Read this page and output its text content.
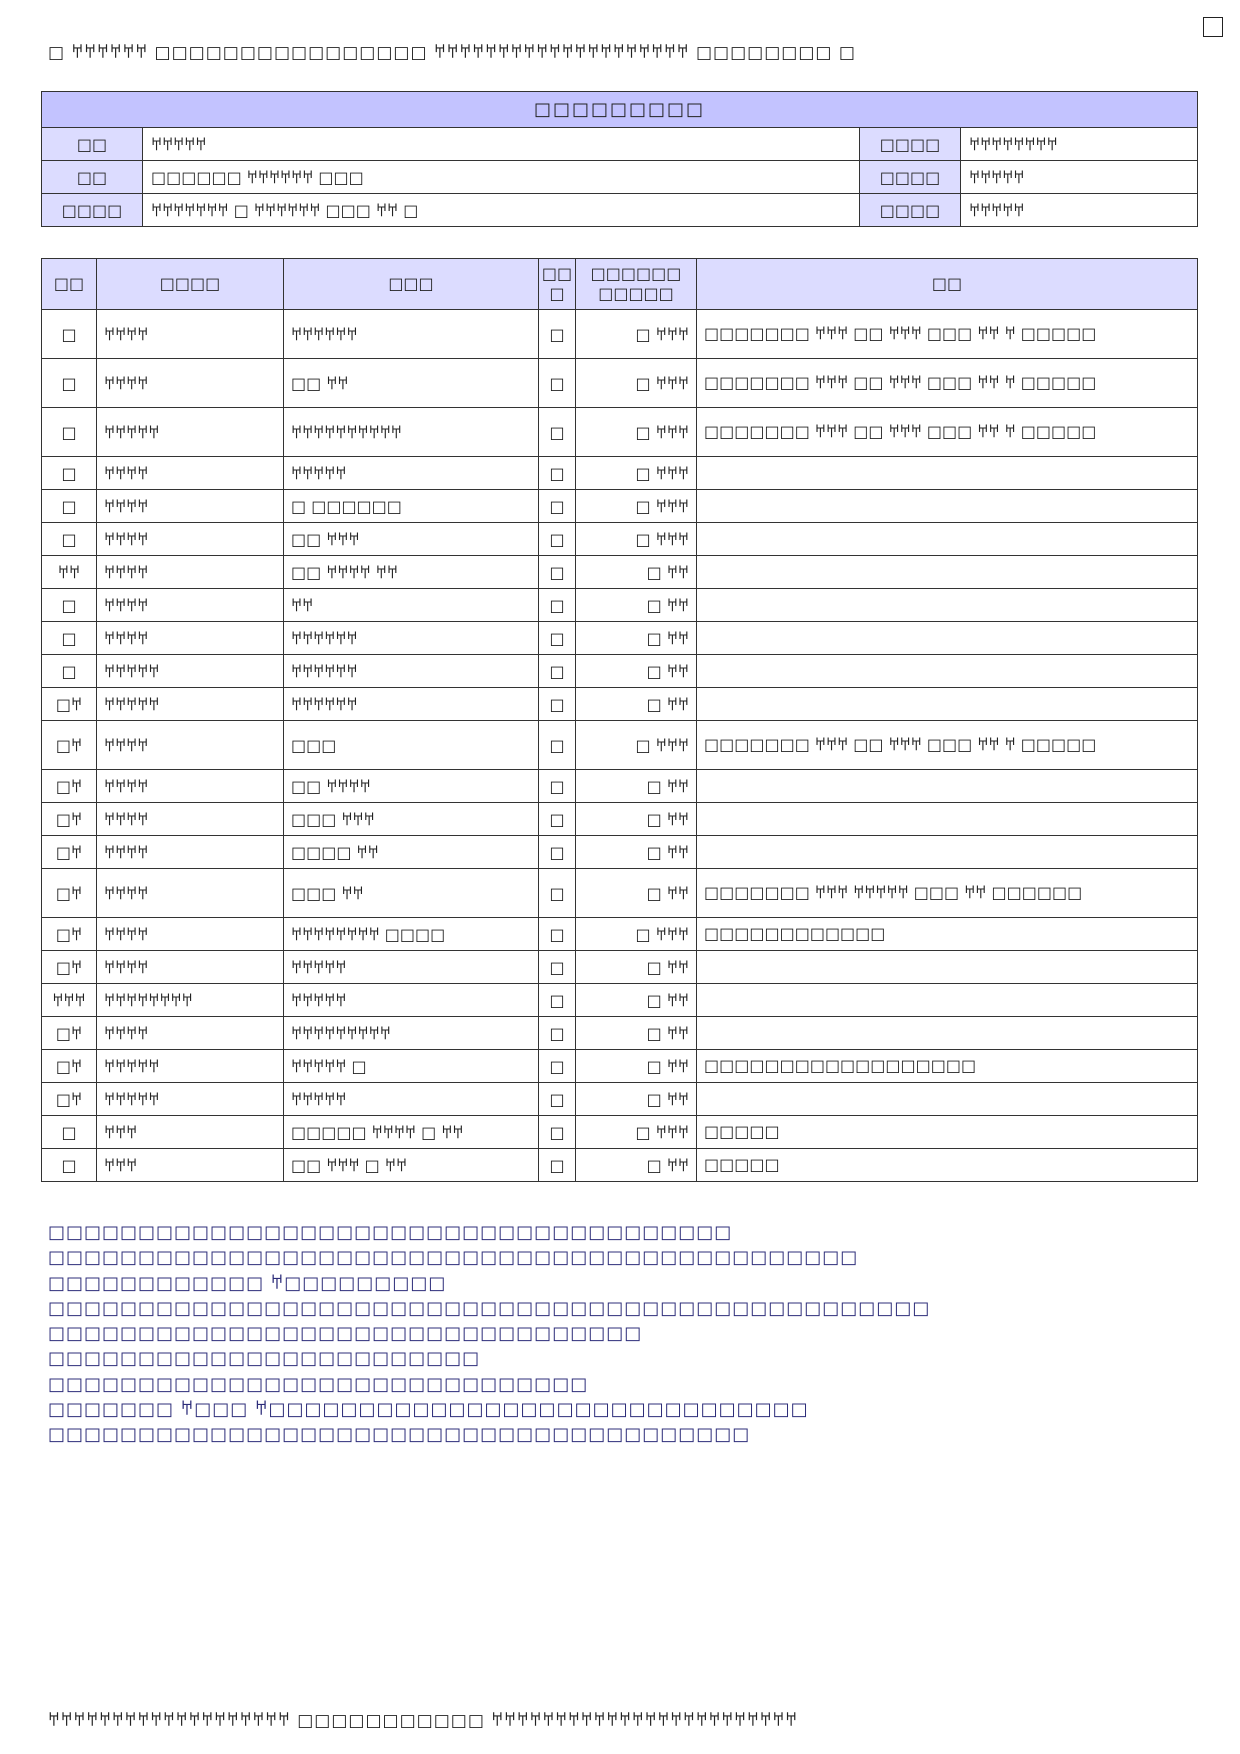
□ 𐀀𐀀𐀀𐀀𐀀𐀀 □□□□□□□□□□□□□□□□ 𐀀𐀀𐀀𐀀𐀀𐀀𐀀𐀀𐀀𐀀𐀀𐀀𐀀𐀀𐀀𐀀𐀀𐀀𐀀𐀀 □□□□□□□□ □
□□□□□□□□□			
□□	𐀀𐀀𐀀𐀀𐀀	□□□□	𐀀𐀀𐀀𐀀𐀀𐀀𐀀𐀀
□□	□□□□□□ 𐀀𐀀𐀀𐀀𐀀𐀀 □□□	□□□□	𐀀𐀀𐀀𐀀𐀀
□□□□	𐀀𐀀𐀀𐀀𐀀𐀀𐀀 □ 𐀀𐀀𐀀𐀀𐀀𐀀 □□□ 𐀀𐀀 □	□□□□	𐀀𐀀𐀀𐀀𐀀
□□	□□□□	□□□	□□ □	□□□□□□ □□□□□	□□
□	𐀀𐀀𐀀𐀀	𐀀𐀀𐀀𐀀𐀀𐀀	□	□ 𐀀𐀀𐀀	□□□□□□□ 𐀀𐀀𐀀 □□ 𐀀𐀀𐀀 □□□ 𐀀𐀀 𐀀 □□□□□
□	𐀀𐀀𐀀𐀀	□□ 𐀀𐀀	□	□ 𐀀𐀀𐀀	□□□□□□□ 𐀀𐀀𐀀 □□ 𐀀𐀀𐀀 □□□ 𐀀𐀀 𐀀 □□□□□
□	𐀀𐀀𐀀𐀀𐀀	𐀀𐀀𐀀𐀀𐀀𐀀𐀀𐀀𐀀𐀀	□	□ 𐀀𐀀𐀀	□□□□□□□ 𐀀𐀀𐀀 □□ 𐀀𐀀𐀀 □□□ 𐀀𐀀 𐀀 □□□□□
□	𐀀𐀀𐀀𐀀	𐀀𐀀𐀀𐀀𐀀	□	□ 𐀀𐀀𐀀	
□	𐀀𐀀𐀀𐀀	□ □□□□□□	□	□ 𐀀𐀀𐀀	
□	𐀀𐀀𐀀𐀀	□□ 𐀀𐀀𐀀	□	□ 𐀀𐀀𐀀	
𐀀𐀀	𐀀𐀀𐀀𐀀	□□ 𐀀𐀀𐀀𐀀 𐀀𐀀	□	□ 𐀀𐀀	
□	𐀀𐀀𐀀𐀀	𐀀𐀀	□	□ 𐀀𐀀	
□	𐀀𐀀𐀀𐀀	𐀀𐀀𐀀𐀀𐀀𐀀	□	□ 𐀀𐀀	
□	𐀀𐀀𐀀𐀀𐀀	𐀀𐀀𐀀𐀀𐀀𐀀	□	□ 𐀀𐀀	
□𐀀	𐀀𐀀𐀀𐀀𐀀	𐀀𐀀𐀀𐀀𐀀𐀀	□	□ 𐀀𐀀	
□𐀀	𐀀𐀀𐀀𐀀	□□□	□	□ 𐀀𐀀𐀀	□□□□□□□ 𐀀𐀀𐀀 □□ 𐀀𐀀𐀀 □□□ 𐀀𐀀 𐀀 □□□□□
□𐀀	𐀀𐀀𐀀𐀀	□□ 𐀀𐀀𐀀𐀀	□	□ 𐀀𐀀	
□𐀀	𐀀𐀀𐀀𐀀	□□□ 𐀀𐀀𐀀	□	□ 𐀀𐀀	
□𐀀	𐀀𐀀𐀀𐀀	□□□□ 𐀀𐀀	□	□ 𐀀𐀀	
□𐀀	𐀀𐀀𐀀𐀀	□□□ 𐀀𐀀	□	□ 𐀀𐀀	□□□□□□□ 𐀀𐀀𐀀 𐀀𐀀𐀀𐀀𐀀 □□□ 𐀀𐀀 □□□□□□
□𐀀	𐀀𐀀𐀀𐀀	𐀀𐀀𐀀𐀀𐀀𐀀𐀀𐀀 □□□□	□	□ 𐀀𐀀𐀀	□□□□□□□□□□□□
□𐀀	𐀀𐀀𐀀𐀀	𐀀𐀀𐀀𐀀𐀀	□	□ 𐀀𐀀	
𐀀𐀀𐀀	𐀀𐀀𐀀𐀀𐀀𐀀𐀀𐀀	𐀀𐀀𐀀𐀀𐀀	□	□ 𐀀𐀀	
□𐀀	𐀀𐀀𐀀𐀀	𐀀𐀀𐀀𐀀𐀀𐀀𐀀𐀀𐀀	□	□ 𐀀𐀀	
□𐀀	𐀀𐀀𐀀𐀀𐀀	𐀀𐀀𐀀𐀀𐀀 □	□	□ 𐀀𐀀	□□□□□□□□□□□□□□□□□□
□𐀀	𐀀𐀀𐀀𐀀𐀀	𐀀𐀀𐀀𐀀𐀀	□	□ 𐀀𐀀	
□	𐀀𐀀𐀀	□□□□□ 𐀀𐀀𐀀𐀀 □ 𐀀𐀀	□	□ 𐀀𐀀𐀀	□□□□□
□	𐀀𐀀𐀀	□□ 𐀀𐀀𐀀 □ 𐀀𐀀	□	□ 𐀀𐀀	□□□□□
□□□□□□□□□□□□□□□□□□□□□□□□□□□□□□□□□□□□□□
□□□□□□□□□□□□□□□□□□□□□□□□□□□□□□□□□□□□□□□□□□□□□
□□□□□□□□□□□□ 𐀀□□□□□□□□□
□□□□□□□□□□□□□□□□□□□□□□□□□□□□□□□□□□□□□□□□□□□□□□□□□
□□□□□□□□□□□□□□□□□□□□□□□□□□□□□□□□□
□□□□□□□□□□□□□□□□□□□□□□□□
□□□□□□□□□□□□□□□□□□□□□□□□□□□□□□
□□□□□□□ 𐀀□□□ 𐀀□□□□□□□□□□□□□□□□□□□□□□□□□□□□□□
□□□□□□□□□□□□□□□□□□□□□□□□□□□□□□□□□□□□□□□
𐀀𐀀𐀀𐀀𐀀𐀀𐀀𐀀𐀀𐀀𐀀𐀀𐀀𐀀𐀀𐀀𐀀𐀀𐀀 □□□□□□□□□□□ 𐀀𐀀𐀀𐀀𐀀𐀀𐀀𐀀𐀀𐀀𐀀𐀀𐀀𐀀𐀀𐀀𐀀𐀀𐀀𐀀𐀀𐀀𐀀𐀀
